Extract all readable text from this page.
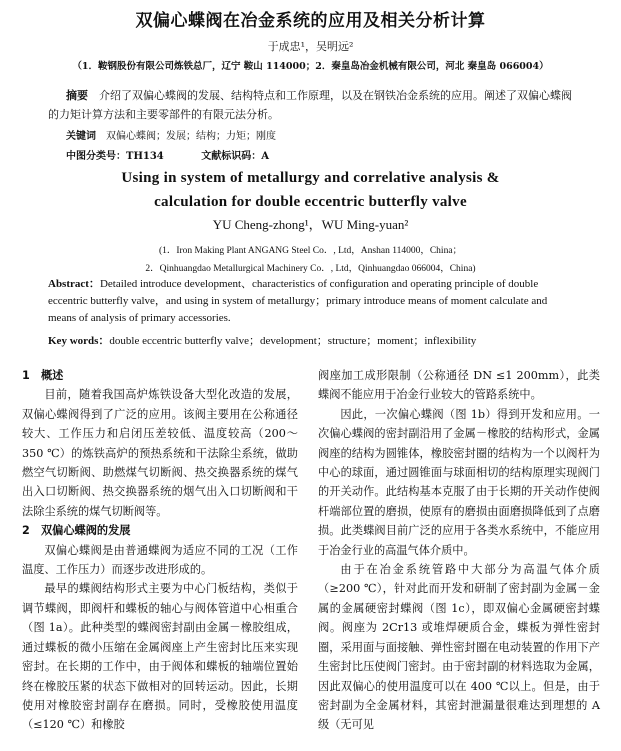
双偏心蝶阀在冶金系统的应用及相关分析计算
于成忠¹，吴明远²
（1．鞍钢股份有限公司炼铁总厂，辽宁 鞍山 114000；2．秦皇岛冶金机械有限公司，河北 秦皇岛 066004）
摘要　 介绍了双偏心蝶阀的发展、结构特点和工作原理，以及在钢铁冶金系统的应用。阐述了双偏心蝶阀的力矩计算方法和主要零部件的有限元法分析。
关键词　 双偏心蝶阀；发展；结构；力矩；刚度
中图分类号：TH134	文献标识码：A
Using in system of metallurgy and correlative analysis &
calculation for double eccentric butterfly valve
YU Cheng-zhong¹，WU Ming-yuan²
(1．Iron Making Plant ANGANG Steel Co．, Ltd，Anshan 114000，China；
2．Qinhuangdao Metallurgical Machinery Co．, Ltd，Qinhuangdao 066004，China)
Abstract：Detailed introduce development、characteristics of configuration and operating principle of double eccentric butterfly valve，and using in system of metallurgy；primary introduce means of moment calculate and means of analysis of primary accessories.
Key words：double eccentric butterfly valve；development；structure；moment；inflexibility
1　概述

目前，随着我国高炉炼铁设备大型化改造的发展，双偏心蝶阀得到了广泛的应用。该阀主要用在公称通径较大、工作压力和启闭压差较低、温度较高（200～350 ℃）的炼铁高炉的预热系统和干法除尘系统，做助燃空气切断阀、助燃煤气切断阀、热交换器系统的煤气出入口切断阀、热交换器系统的烟气出入口切断阀和干法除尘系统的煤气切断阀等。

2　双偏心蝶阀的发展

双偏心蝶阀是由普通蝶阀为适应不同的工况（工作温度、工作压力）而逐步改进形成的。

最早的蝶阀结构形式主要为中心门板结构，类似于调节蝶阀，即阀杆和蝶板的轴心与阀体管道中心相重合（图 1a）。此种类型的蝶阀密封副由金属－橡胶组成，通过蝶板的微小压缩在金属阀座上产生密封比压来实现密封。在长期的工作中，由于阀体和蝶板的轴端位置始终在橡胶压紧的状态下做相对的回转运动。因此，长期使用对橡胶密封副存在磨损。同时，受橡胶使用温度（≤120 ℃）和橡胶

阀座加工成形限制（公称通径 DN ≤1 200mm），此类蝶阀不能应用于冶金行业较大的管路系统中。

因此，一次偏心蝶阀（图 1b）得到开发和应用。一次偏心蝶阀的密封副沿用了金属－橡胶的结构形式，金属阀座的结构为圆锥体，橡胶密封圈的结构为一个以阀杆为中心的球面，通过圆锥面与球面相切的结构原理实现阀门的开关动作。此结构基本克服了由于长期的开关动作使阀杆端部位置的磨损，使原有的磨损由面磨损降低到了点磨损。此类蝶阀目前广泛的应用于各类水系统中，不能应用于冶金行业的高温气体介质中。

由于在冶金系统管路中大部分为高温气体介质（≥200 ℃），针对此而开发和研制了密封副为金属－金属的金属硬密封蝶阀（图 1c），即双偏心金属硬密封蝶阀。阀座为 2Cr13 或堆焊硬质合金，蝶板为弹性密封圈，采用面与面接触、弹性密封圈在电动装置的作用下产生密封比压使阀门密封。由于密封副的材料选取为金属，因此双偏心的使用温度可以在 400 ℃以上。但是，由于密封副为全金属材料，其密封泄漏量很难达到理想的 A 级（无可见
